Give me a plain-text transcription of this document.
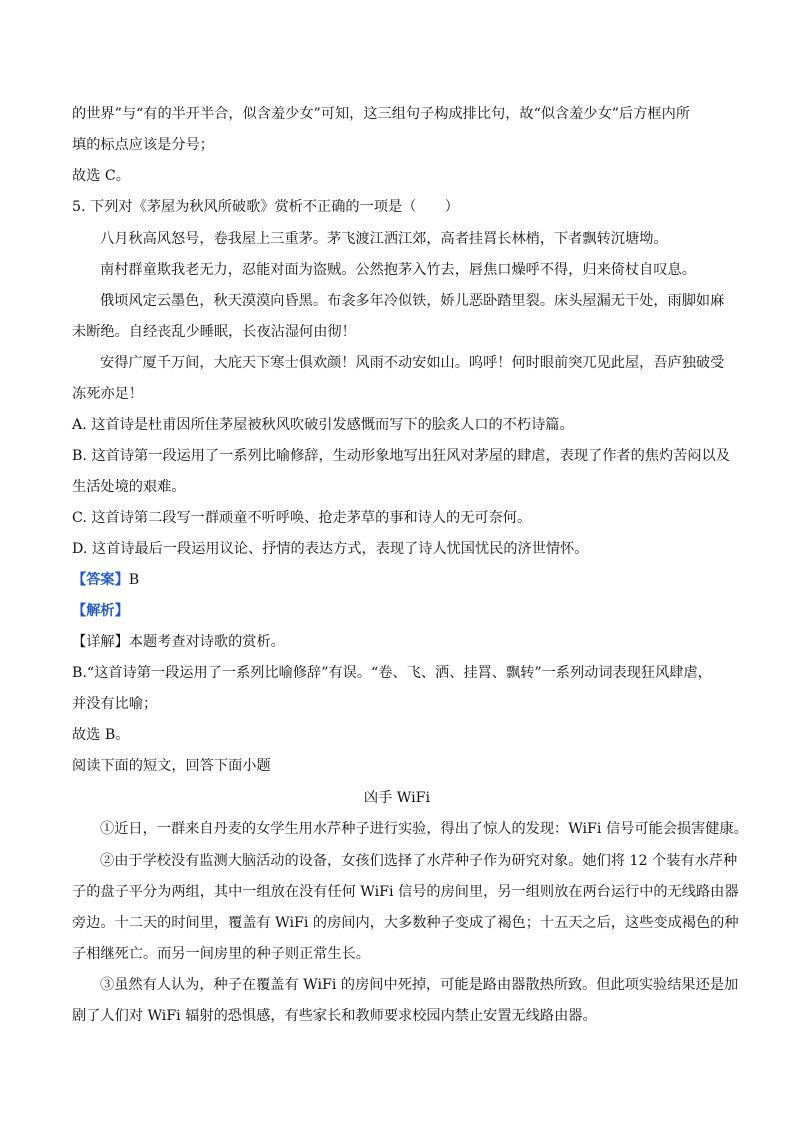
的世界”与“有的半开半合，似含羞少女”可知，这三组句子构成排比句，故“似含羞少女”后方框内所
填的标点应该是分号；
故选 C。
5. 下列对《茅屋为秋风所破歌》赏析不正确的一项是（　　）
八月秋高风怒号，卷我屋上三重茅。茅飞渡江洒江郊，高者挂罥长林梢，下者飘转沉塘坳。
南村群童欺我老无力，忍能对面为盗贼。公然抱茅入竹去，唇焦口燥呼不得，归来倚杖自叹息。
俄顷风定云墨色，秋天漠漠向昏黑。布衾多年冷似铁，娇儿恶卧踏里裂。床头屋漏无干处，雨脚如麻
未断绝。自经丧乱少睡眠，长夜沾湿何由彻！
安得广厦千万间，大庇天下寒士俱欢颜！风雨不动安如山。呜呼！何时眼前突兀见此屋，吾庐独破受
冻死亦足！
A. 这首诗是杜甫因所住茅屋被秋风吹破引发感慨而写下的脍炙人口的不朽诗篇。
B. 这首诗第一段运用了一系列比喻修辞，生动形象地写出狂风对茅屋的肆虐，表现了作者的焦灼苦闷以及
生活处境的艰难。
C. 这首诗第二段写一群顽童不听呼唤、抢走茅草的事和诗人的无可奈何。
D. 这首诗最后一段运用议论、抒情的表达方式，表现了诗人忧国忧民的济世情怀。
【答案】B
【解析】
【详解】本题考查对诗歌的赏析。
B.“这首诗第一段运用了一系列比喻修辞”有误。“卷、飞、洒、挂罥、飘转”一系列动词表现狂风肆虐，
并没有比喻；
故选 B。
阅读下面的短文，回答下面小题
凶手 WiFi
①近日，一群来自丹麦的女学生用水芹种子进行实验，得出了惊人的发现：WiFi 信号可能会损害健康。
②由于学校没有监测大脑活动的设备，女孩们选择了水芹种子作为研究对象。她们将 12 个装有水芹种
子的盘子平分为两组，其中一组放在没有任何 WiFi 信号的房间里，另一组则放在两台运行中的无线路由器
旁边。十二天的时间里，覆盖有 WiFi 的房间内，大多数种子变成了褐色；十五天之后，这些变成褐色的种
子相继死亡。而另一间房里的种子则正常生长。
③虽然有人认为，种子在覆盖有 WiFi 的房间中死掉，可能是路由器散热所致。但此项实验结果还是加
剧了人们对 WiFi 辐射的恐惧感，有些家长和教师要求校园内禁止安置无线路由器。
